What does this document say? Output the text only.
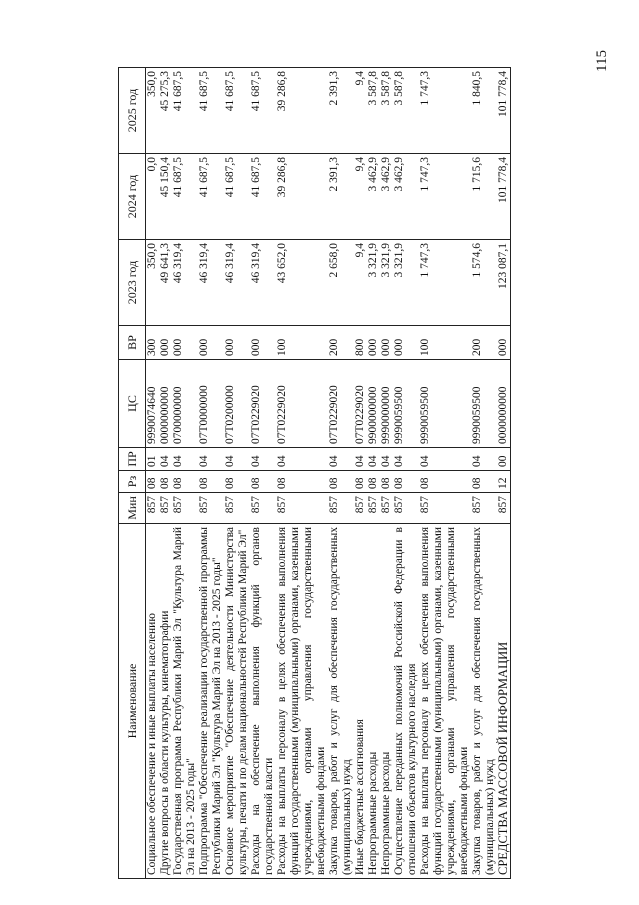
115
Наименование	Мин	Рз	ПР	ЦС	ВР	2023 год	2024 год	2025 год
Социальное обеспечение и иные выплаты населению	857	08	01	9990074640	300	350,0	0,0	350,0
Другие вопросы в области культуры, кинематографии	857	08	04	0000000000	000	49 641,3	45 150,4	45 275,3
Государственная программа Республики Марий Эл "Культура Марий Эл на 2013 - 2025 годы"	857	08	04	0700000000	000	46 319,4	41 687,5	41 687,5
Подпрограмма "Обеспечение реализации государственной программы Республики Марий Эл "Культура Марий Эл на 2013 - 2025 годы"	857	08	04	07Т0000000	000	46 319,4	41 687,5	41 687,5
Основное мероприятие "Обеспечение деятельности Министерства культуры, печати и по делам национальностей Республики Марий Эл"	857	08	04	07Т0200000	000	46 319,4	41 687,5	41 687,5
Расходы на обеспечение выполнения функций органов государственной власти	857	08	04	07Т0229020	000	46 319,4	41 687,5	41 687,5
Расходы на выплаты персоналу в целях обеспечения выполнения функций государственными (муниципальными) органами, казенными учреждениями, органами управления государственными внебюджетными фондами	857	08	04	07Т0229020	100	43 652,0	39 286,8	39 286,8
Закупка товаров, работ и услуг для обеспечения государственных (муниципальных) нужд	857	08	04	07Т0229020	200	2 658,0	2 391,3	2 391,3
Иные бюджетные ассигнования	857	08	04	07Т0229020	800	9,4	9,4	9,4
Непрограммные расходы	857	08	04	9900000000	000	3 321,9	3 462,9	3 587,8
Непрограммные расходы	857	08	04	9990000000	000	3 321,9	3 462,9	3 587,8
Осуществление переданных полномочий Российской Федерации в отношении объектов культурного наследия	857	08	04	9990059500	000	3 321,9	3 462,9	3 587,8
Расходы на выплаты персоналу в целях обеспечения выполнения функций государственными (муниципальными) органами, казенными учреждениями, органами управления государственными внебюджетными фондами	857	08	04	9990059500	100	1 747,3	1 747,3	1 747,3
Закупка товаров, работ и услуг для обеспечения государственных (муниципальных) нужд	857	08	04	9990059500	200	1 574,6	1 715,6	1 840,5
СРЕДСТВА МАССОВОЙ ИНФОРМАЦИИ	857	12	00	0000000000	000	123 087,1	101 778,4	101 778,4
